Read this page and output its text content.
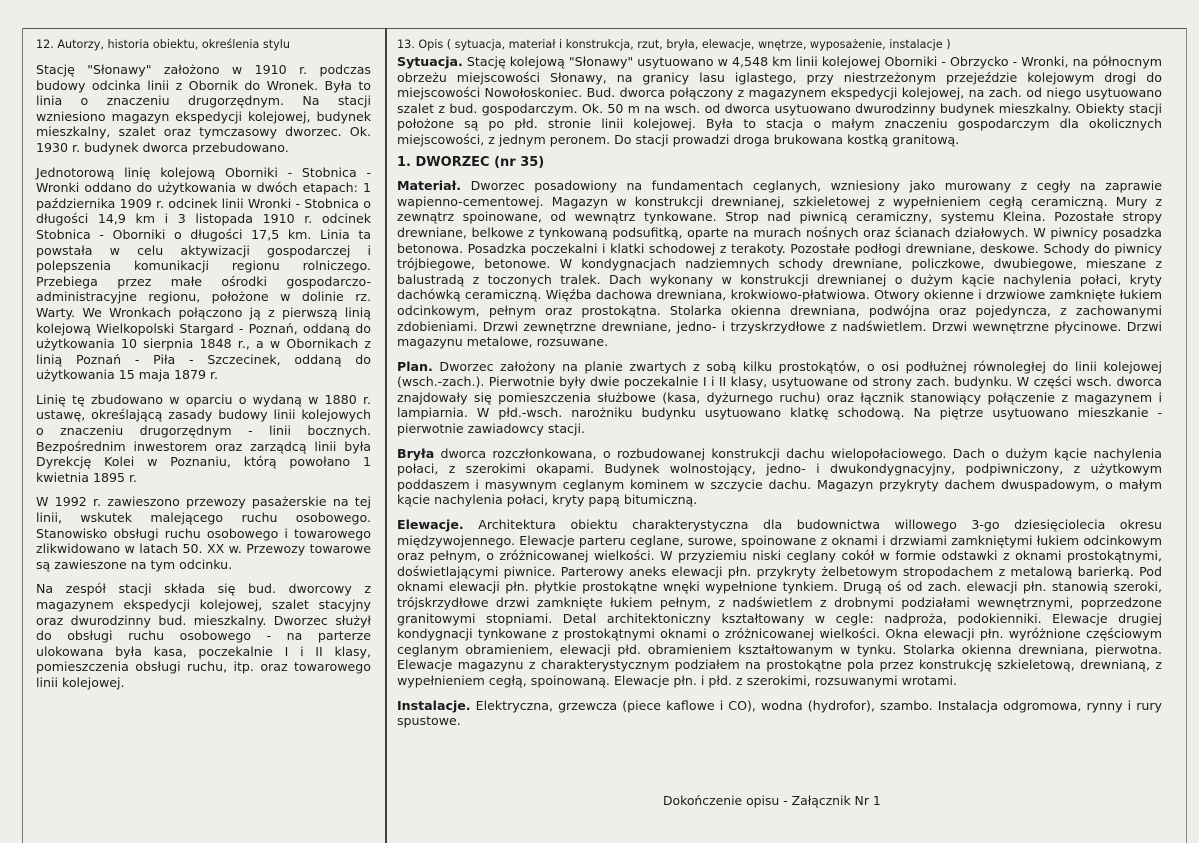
12. Autorzy, historia obiektu, określenia stylu

Stację "Słonawy" założono w 1910 r. podczas budowy odcinka linii z Obornik do Wronek. Była to linia o znaczeniu drugorzędnym. Na stacji wzniesiono magazyn ekspedycji kolejowej, budynek mieszkalny, szalet oraz tymczasowy dworzec. Ok. 1930 r. budynek dworca przebudowano.

Jednotorową linię kolejową Oborniki - Stobnica - Wronki oddano do użytkowania w dwóch etapach: 1 października 1909 r. odcinek linii Wronki - Stobnica o długości 14,9 km i 3 listopada 1910 r. odcinek Stobnica - Oborniki o długości 17,5 km. Linia ta powstała w celu aktywizacji gospodarczej i polepszenia komunikacji regionu rolniczego. Przebiega przez małe ośrodki gospodarczo-administracyjne regionu, położone w dolinie rz. Warty. We Wronkach połączono ją z pierwszą linią kolejową Wielkopolski Stargard - Poznań, oddaną do użytkowania 10 sierpnia 1848 r., a w Obornikach z linią Poznań - Piła - Szczecinek, oddaną do użytkowania 15 maja 1879 r.

Linię tę zbudowano w oparciu o wydaną w 1880 r. ustawę, określającą zasady budowy linii kolejowych o znaczeniu drugorzędnym - linii bocznych. Bezpośrednim inwestorem oraz zarządcą linii była Dyrekcję Kolei w Poznaniu, którą powołano 1 kwietnia 1895 r.

W 1992 r. zawieszono przewozy pasażerskie na tej linii, wskutek malejącego ruchu osobowego. Stanowisko obsługi ruchu osobowego i towarowego zlikwidowano w latach 50. XX w. Przewozy towarowe są zawieszone na tym odcinku.

Na zespół stacji składa się bud. dworcowy z magazynem ekspedycji kolejowej, szalet stacyjny oraz dwurodzinny bud. mieszkalny. Dworzec służył do obsługi ruchu osobowego - na parterze ulokowana była kasa, poczekalnie I i II klasy, pomieszczenia obsługi ruchu, itp. oraz towarowego linii kolejowej.

13. Opis ( sytuacja, materiał i konstrukcja, rzut, bryła, elewacje, wnętrze, wyposażenie, instalacje )

Sytuacja. Stację kolejową "Słonawy" usytuowano w 4,548 km linii kolejowej Oborniki - Obrzycko - Wronki, na północnym obrzeżu miejscowości Słonawy, na granicy lasu iglastego, przy niestrzeżonym przejeździe kolejowym drogi do miejscowości Nowołoskoniec. Bud. dworca połączony z magazynem ekspedycji kolejowej, na zach. od niego usytuowano szalet z bud. gospodarczym. Ok. 50 m na wsch. od dworca usytuowano dwurodzinny budynek mieszkalny. Obiekty stacji położone są po płd. stronie linii kolejowej. Była to stacja o małym znaczeniu gospodarczym dla okolicznych miejscowości, z jednym peronem. Do stacji prowadzi droga brukowana kostką granitową.

1. DWORZEC (nr 35)

Materiał. Dworzec posadowiony na fundamentach ceglanych, wzniesiony jako murowany z cegły na zaprawie wapienno-cementowej. Magazyn w konstrukcji drewnianej, szkieletowej z wypełnieniem cegłą ceramiczną. Mury z zewnątrz spoinowane, od wewnątrz tynkowane. Strop nad piwnicą ceramiczny, systemu Kleina. Pozostałe stropy drewniane, belkowe z tynkowaną podsufitką, oparte na murach nośnych oraz ścianach działowych. W piwnicy posadzka betonowa. Posadzka poczekalni i klatki schodowej z terakoty. Pozostałe podłogi drewniane, deskowe. Schody do piwnicy trójbiegowe, betonowe. W kondygnacjach nadziemnych schody drewniane, policzkowe, dwubiegowe, mieszane z balustradą z toczonych tralek. Dach wykonany w konstrukcji drewnianej o dużym kącie nachylenia połaci, kryty dachówką ceramiczną. Więźba dachowa drewniana, krokwiowo-płatwiowa. Otwory okienne i drzwiowe zamknięte łukiem odcinkowym, pełnym oraz prostokątna. Stolarka okienna drewniana, podwójna oraz pojedyncza, z zachowanymi zdobieniami. Drzwi zewnętrzne drewniane, jedno- i trzyskrzydłowe z nadświetlem. Drzwi wewnętrzne płycinowe. Drzwi magazynu metalowe, rozsuwane.

Plan. Dworzec założony na planie zwartych z sobą kilku prostokątów, o osi podłużnej równoległej do linii kolejowej (wsch.-zach.). Pierwotnie były dwie poczekalnie I i II klasy, usytuowane od strony zach. budynku. W części wsch. dworca znajdowały się pomieszczenia służbowe (kasa, dyżurnego ruchu) oraz łącznik stanowiący połączenie z magazynem i lampiarnia. W płd.-wsch. narożniku budynku usytuowano klatkę schodową. Na piętrze usytuowano mieszkanie - pierwotnie zawiadowcy stacji.

Bryła dworca rozczłonkowana, o rozbudowanej konstrukcji dachu wielopołaciowego. Dach o dużym kącie nachylenia połaci, z szerokimi okapami. Budynek wolnostojący, jedno- i dwukondygnacyjny, podpiwniczony, z użytkowym poddaszem i masywnym ceglanym kominem w szczycie dachu. Magazyn przykryty dachem dwuspadowym, o małym kącie nachylenia połaci, kryty papą bitumiczną.

Elewacje. Architektura obiektu charakterystyczna dla budownictwa willowego 3-go dziesięciolecia okresu międzywojennego. Elewacje parteru ceglane, surowe, spoinowane z oknami i drzwiami zamkniętymi łukiem odcinkowym oraz pełnym, o zróżnicowanej wielkości. W przyziemiu niski ceglany cokół w formie odstawki z oknami prostokątnymi, doświetlającymi piwnice. Parterowy aneks elewacji płn. przykryty żelbetowym stropodachem z metalową barierką. Pod oknami elewacji płn. płytkie prostokątne wnęki wypełnione tynkiem. Drugą oś od zach. elewacji płn. stanowią szeroki, trójskrzydłowe drzwi zamknięte łukiem pełnym, z nadświetlem z drobnymi podziałami wewnętrznymi, poprzedzone granitowymi stopniami. Detal architektoniczny kształtowany w cegle: nadproża, podokienniki. Elewacje drugiej kondygnacji tynkowane z prostokątnymi oknami o zróżnicowanej wielkości. Okna elewacji płn. wyróżnione częściowym ceglanym obramieniem, elewacji płd. obramieniem kształtowanym w tynku. Stolarka okienna drewniana, pierwotna. Elewacje magazynu z charakterystycznym podziałem na prostokątne pola przez konstrukcję szkieletową, drewnianą, z wypełnieniem cegłą, spoinowaną. Elewacje płn. i płd. z szerokimi, rozsuwanymi wrotami.

Instalacje. Elektryczna, grzewcza (piece kaflowe i CO), wodna (hydrofor), szambo. Instalacja odgromowa, rynny i rury spustowe.

Dokończenie opisu - Załącznik Nr 1
